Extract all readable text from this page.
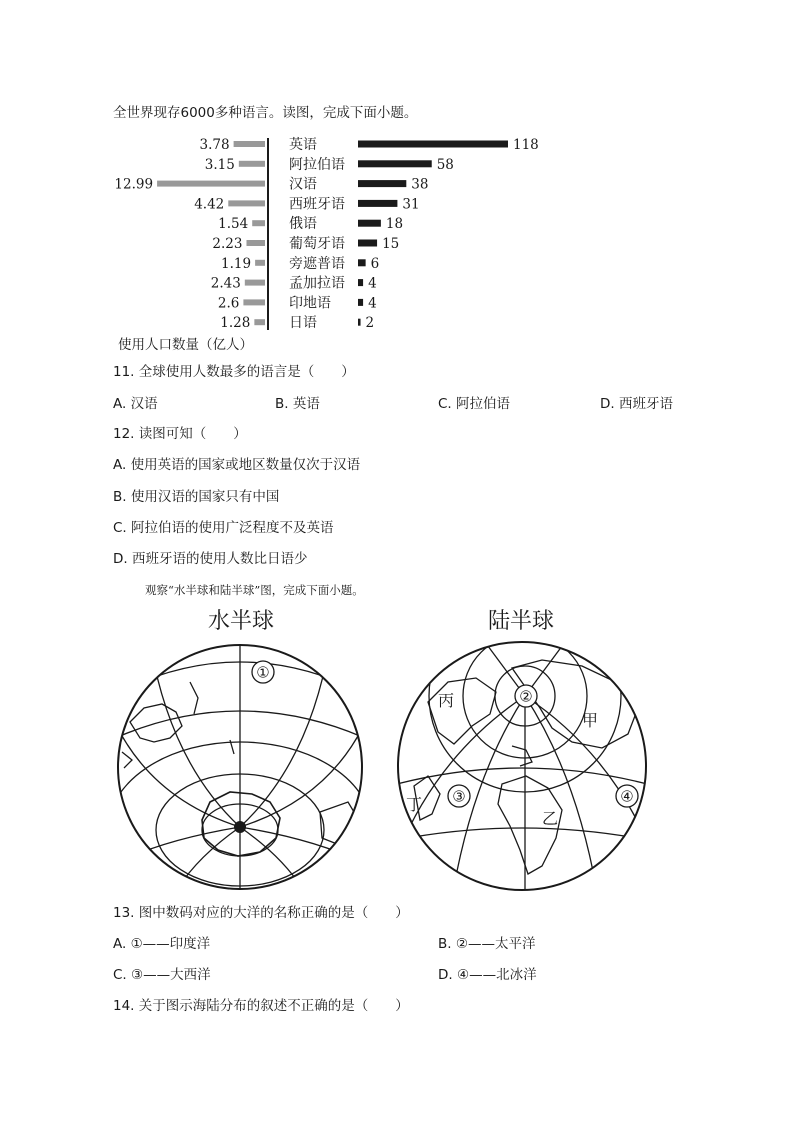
全世界现存6000多种语言。读图，完成下面小题。
3.78	英语	118
3.15	阿拉伯语	58
12.99	汉语	38
4.42	西班牙语	31
1.54	俄语	18
2.23	葡萄牙语	15
1.19	旁遮普语 6
2.43	孟加拉语 4
2.6	印地语	4
1.28	日语	2
使用人口数量（亿人）
11. 全球使用人数最多的语言是（　　）
A. 汉语	B. 英语	C. 阿拉伯语	D. 西班牙语
12. 读图可知（　　）
A. 使用英语的国家或地区数量仅次于汉语
B. 使用汉语的国家只有中国
C. 阿拉伯语的使用广泛程度不及英语
D. 西班牙语的使用人数比日语少
观察“水半球和陆半球”图，完成下面小题。
水半球	陆半球
①
②
③	④
丙
甲
丁
乙
13. 图中数码对应的大洋的名称正确的是（　　）
A. ①——印度洋	B. ②——太平洋
C. ③——大西洋	D. ④——北冰洋
14. 关于图示海陆分布的叙述不正确的是（　　）
